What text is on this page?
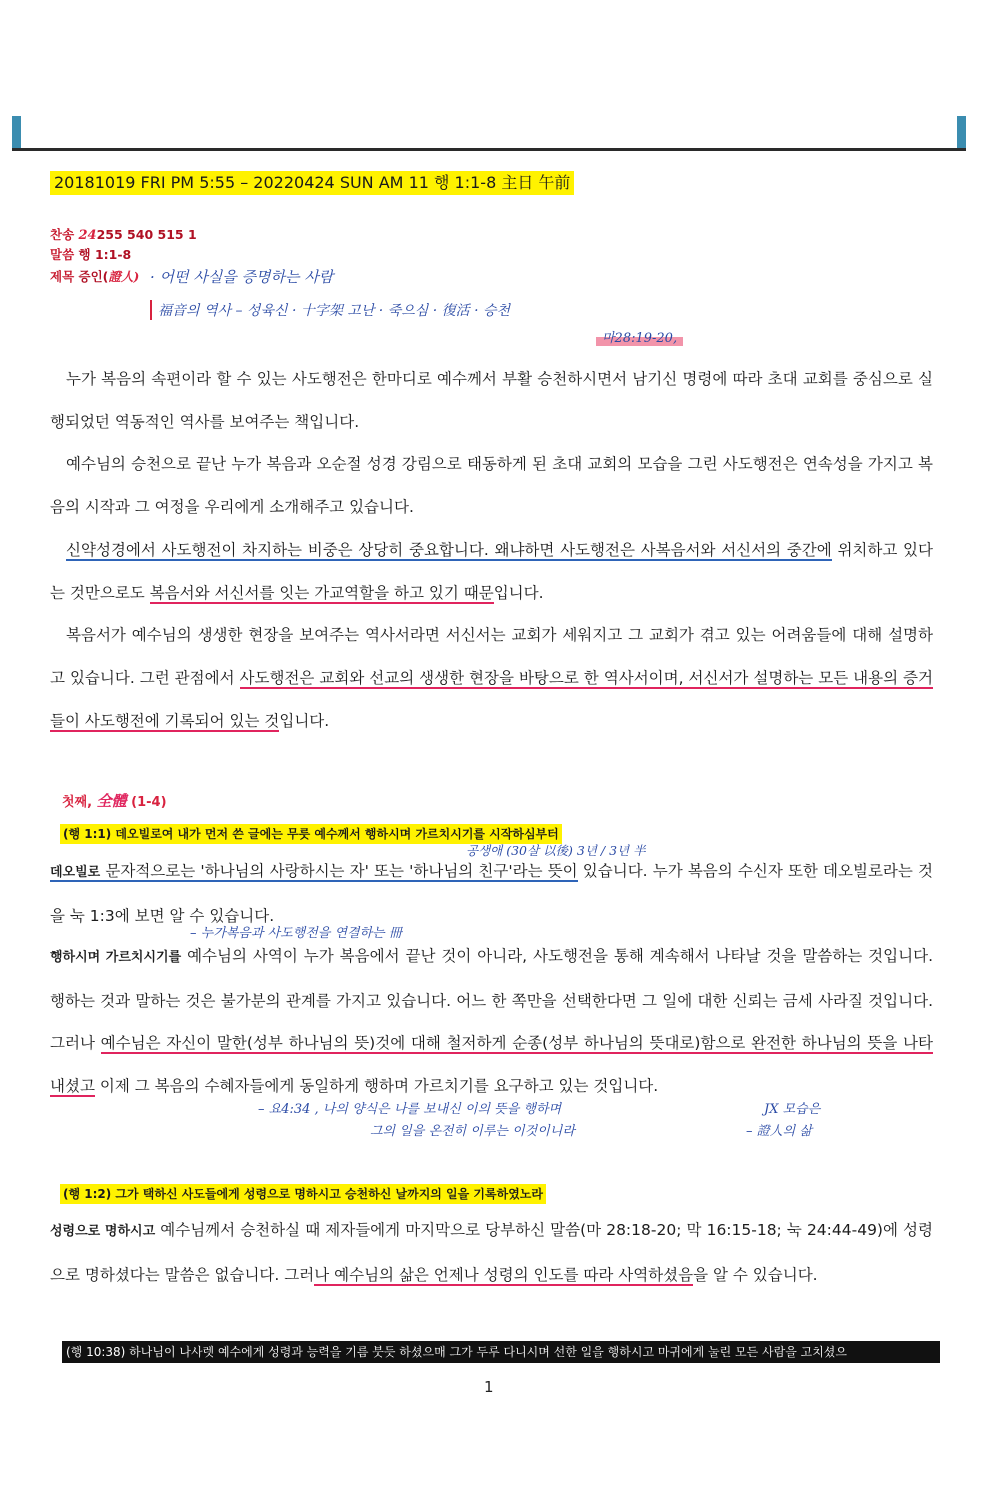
20181019 FRI PM 5:55 – 20220424 SUN AM 11 행 1:1-8 主日 午前
찬송 24255 540 515 1
말씀 행 1:1-8
제목 증인(證人) · 어떤 사실을 증명하는 사람
福音의 역사 – 성육신 · 十字架 고난 · 죽으심 · 復活 · 승천
마28:19-20,

누가 복음의 속편이라 할 수 있는 사도행전은 한마디로 예수께서 부활 승천하시면서 남기신 명령에 따라 초대 교회를 중심으로 실행되었던 역동적인 역사를 보여주는 책입니다.

예수님의 승천으로 끝난 누가 복음과 오순절 성경 강림으로 태동하게 된 초대 교회의 모습을 그린 사도행전은 연속성을 가지고 복음의 시작과 그 여정을 우리에게 소개해주고 있습니다.

신약성경에서 사도행전이 차지하는 비중은 상당히 중요합니다. 왜냐하면 사도행전은 사복음서와 서신서의 중간에 위치하고 있다는 것만으로도 복음서와 서신서를 잇는 가교역할을 하고 있기 때문입니다.

복음서가 예수님의 생생한 현장을 보여주는 역사서라면 서신서는 교회가 세워지고 그 교회가 겪고 있는 어려움들에 대해 설명하고 있습니다. 그런 관점에서 사도행전은 교회와 선교의 생생한 현장을 바탕으로 한 역사서이며, 서신서가 설명하는 모든 내용의 증거들이 사도행전에 기록되어 있는 것입니다.

첫째, 全體 (1-4)
(행 1:1) 데오빌로여 내가 먼저 쓴 글에는 무릇 예수께서 행하시며 가르치시기를 시작하심부터
공생애 (30살 以後) 3년 / 3년 半

데오빌로 문자적으로는 '하나님의 사랑하시는 자' 또는 '하나님의 친구'라는 뜻이 있습니다. 누가 복음의 수신자 또한 데오빌로라는 것을 눅 1:3에 보면 알 수 있습니다.

– 누가복음과 사도행전을 연결하는 冊

행하시며 가르치시기를 예수님의 사역이 누가 복음에서 끝난 것이 아니라, 사도행전을 통해 계속해서 나타날 것을 말씀하는 것입니다. 행하는 것과 말하는 것은 불가분의 관계를 가지고 있습니다. 어느 한 쪽만을 선택한다면 그 일에 대한 신뢰는 금세 사라질 것입니다. 그러나 예수님은 자신이 말한(성부 하나님의 뜻)것에 대해 철저하게 순종(성부 하나님의 뜻대로)함으로 완전한 하나님의 뜻을 나타내셨고 이제 그 복음의 수혜자들에게 동일하게 행하며 가르치기를 요구하고 있는 것입니다.

– 요4:34 , 나의 양식은 나를 보내신 이의 뜻을 행하며
그의 일을 온전히 이루는 이것이니라
JX 모습은
– 證人의 삶
(행 1:2) 그가 택하신 사도들에게 성령으로 명하시고 승천하신 날까지의 일을 기록하였노라

성령으로 명하시고 예수님께서 승천하실 때 제자들에게 마지막으로 당부하신 말씀(마 28:18-20; 막 16:15-18; 눅 24:44-49)에 성령으로 명하셨다는 말씀은 없습니다. 그러나 예수님의 삶은 언제나 성령의 인도를 따라 사역하셨음을 알 수 있습니다.

(행 10:38) 하나님이 나사렛 예수에게 성령과 능력을 기름 붓듯 하셨으매 그가 두루 다니시며 선한 일을 행하시고 마귀에게 눌린 모든 사람을 고치셨으
1
